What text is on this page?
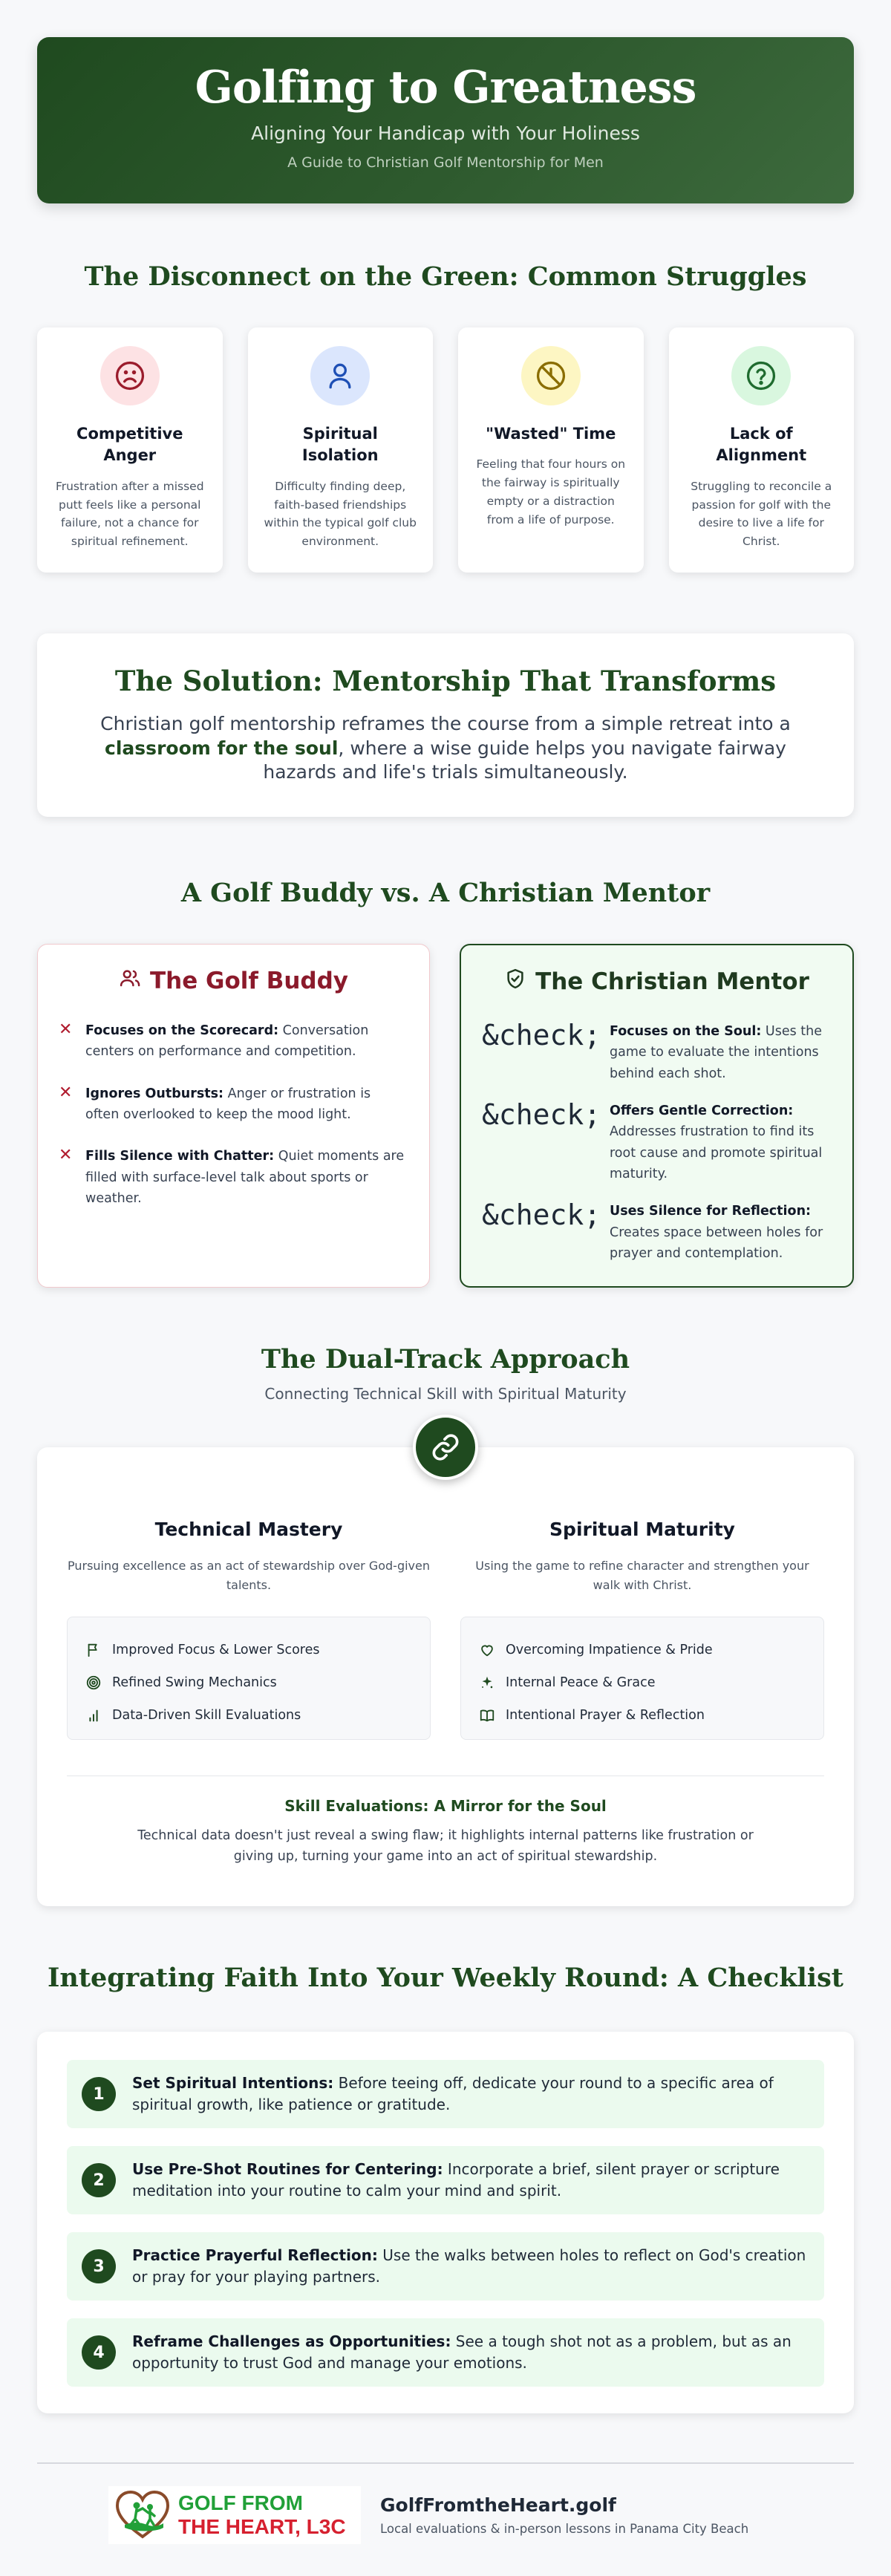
Golfing to Greatness
Aligning Your Handicap with Your Holiness
A Guide to Christian Golf Mentorship for Men
The Disconnect on the Green: Common Struggles
Competitive Anger

Frustration after a missed putt feels like a personal failure, not a chance for spiritual refinement.

Spiritual Isolation

Difficulty finding deep, faith-based friendships within the typical golf club environment.

"Wasted" Time

Feeling that four hours on the fairway is spiritually empty or a distraction from a life of purpose.

Lack of Alignment

Struggling to reconcile a passion for golf with the desire to live a life for Christ.

The Solution: Mentorship That Transforms

Christian golf mentorship reframes the course from a simple retreat into a classroom for the soul, where a wise guide helps you navigate fairway hazards and life's trials simultaneously.

A Golf Buddy vs. A Christian Mentor
The Golf Buddy
✕ Focuses on the Scorecard: Conversation centers on performance and competition.
✕ Ignores Outbursts: Anger or frustration is often overlooked to keep the mood light.
✕ Fills Silence with Chatter: Quiet moments are filled with surface-level talk about sports or weather.
The Christian Mentor
&check; Focuses on the Soul: Uses the game to evaluate the intentions behind each shot.
&check; Offers Gentle Correction: Addresses frustration to find its root cause and promote spiritual maturity.
&check; Uses Silence for Reflection: Creates space between holes for prayer and contemplation.
The Dual-Track Approach
Connecting Technical Skill with Spiritual Maturity
Technical Mastery
Pursuing excellence as an act of stewardship over God-given talents.
Improved Focus & Lower Scores
Refined Swing Mechanics
Data-Driven Skill Evaluations
Spiritual Maturity
Using the game to refine character and strengthen your walk with Christ.
Overcoming Impatience & Pride
Internal Peace & Grace
Intentional Prayer & Reflection
Skill Evaluations: A Mirror for the Soul

Technical data doesn't just reveal a swing flaw; it highlights internal patterns like frustration or giving up, turning your game into an act of spiritual stewardship.

Integrating Faith Into Your Weekly Round: A Checklist
1
Set Spiritual Intentions: Before teeing off, dedicate your round to a specific area of spiritual growth, like patience or gratitude.
2
Use Pre-Shot Routines for Centering: Incorporate a brief, silent prayer or scripture meditation into your routine to calm your mind and spirit.
3
Practice Prayerful Reflection: Use the walks between holes to reflect on God's creation or pray for your playing partners.
4
Reframe Challenges as Opportunities: See a tough shot not as a problem, but as an opportunity to trust God and manage your emotions.
GOLF FROM
THE HEART, L3C
GolfFromtheHeart.golf
Local evaluations & in-person lessons in Panama City Beach
